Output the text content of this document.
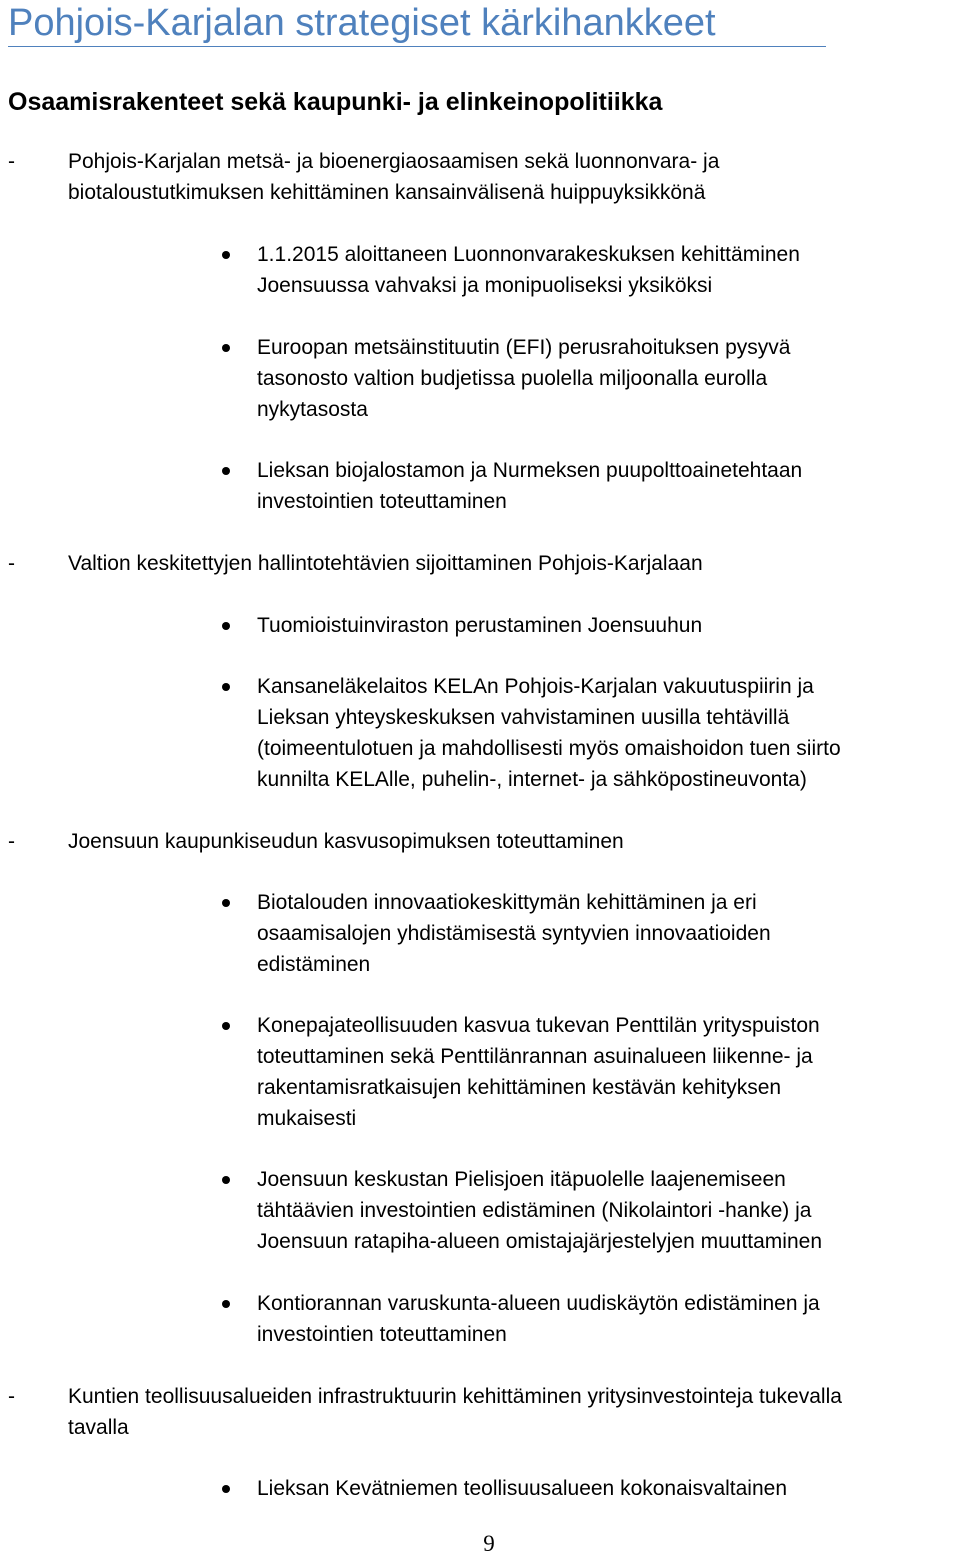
Pohjois-Karjalan strategiset kärkihankkeet
Osaamisrakenteet sekä kaupunki- ja elinkeinopolitiikka
-	Pohjois-Karjalan metsä- ja bioenergiaosaamisen sekä luonnonvara- ja
biotaloustutkimuksen kehittäminen kansainvälisenä huippuyksikkönä
1.1.2015 aloittaneen Luonnonvarakeskuksen kehittäminen
Joensuussa vahvaksi ja monipuoliseksi yksiköksi
Euroopan metsäinstituutin (EFI) perusrahoituksen pysyvä
tasonosto valtion budjetissa puolella miljoonalla eurolla
nykytasosta
Lieksan biojalostamon ja Nurmeksen puupolttoainetehtaan
investointien toteuttaminen
-	Valtion keskitettyjen hallintotehtävien sijoittaminen Pohjois-Karjalaan
Tuomioistuinviraston perustaminen Joensuuhun
Kansaneläkelaitos KELAn Pohjois-Karjalan vakuutuspiirin ja
Lieksan yhteyskeskuksen vahvistaminen uusilla tehtävillä
(toimeentulotuen ja mahdollisesti myös omaishoidon tuen siirto
kunnilta KELAlle, puhelin-, internet- ja sähköpostineuvonta)
-	Joensuun kaupunkiseudun kasvusopimuksen toteuttaminen
Biotalouden innovaatiokeskittymän kehittäminen ja eri
osaamisalojen yhdistämisestä syntyvien innovaatioiden
edistäminen
Konepajateollisuuden kasvua tukevan Penttilän yrityspuiston
toteuttaminen sekä Penttilänrannan asuinalueen liikenne- ja
rakentamisratkaisujen kehittäminen kestävän kehityksen
mukaisesti
Joensuun keskustan Pielisjoen itäpuolelle laajenemiseen
tähtäävien investointien edistäminen (Nikolaintori -hanke) ja
Joensuun ratapiha-alueen omistajajärjestelyjen muuttaminen
Kontiorannan varuskunta-alueen uudiskäytön edistäminen ja
investointien toteuttaminen
-	Kuntien teollisuusalueiden infrastruktuurin kehittäminen yritysinvestointeja tukevalla
tavalla
Lieksan Kevätniemen teollisuusalueen kokonaisvaltainen
9
